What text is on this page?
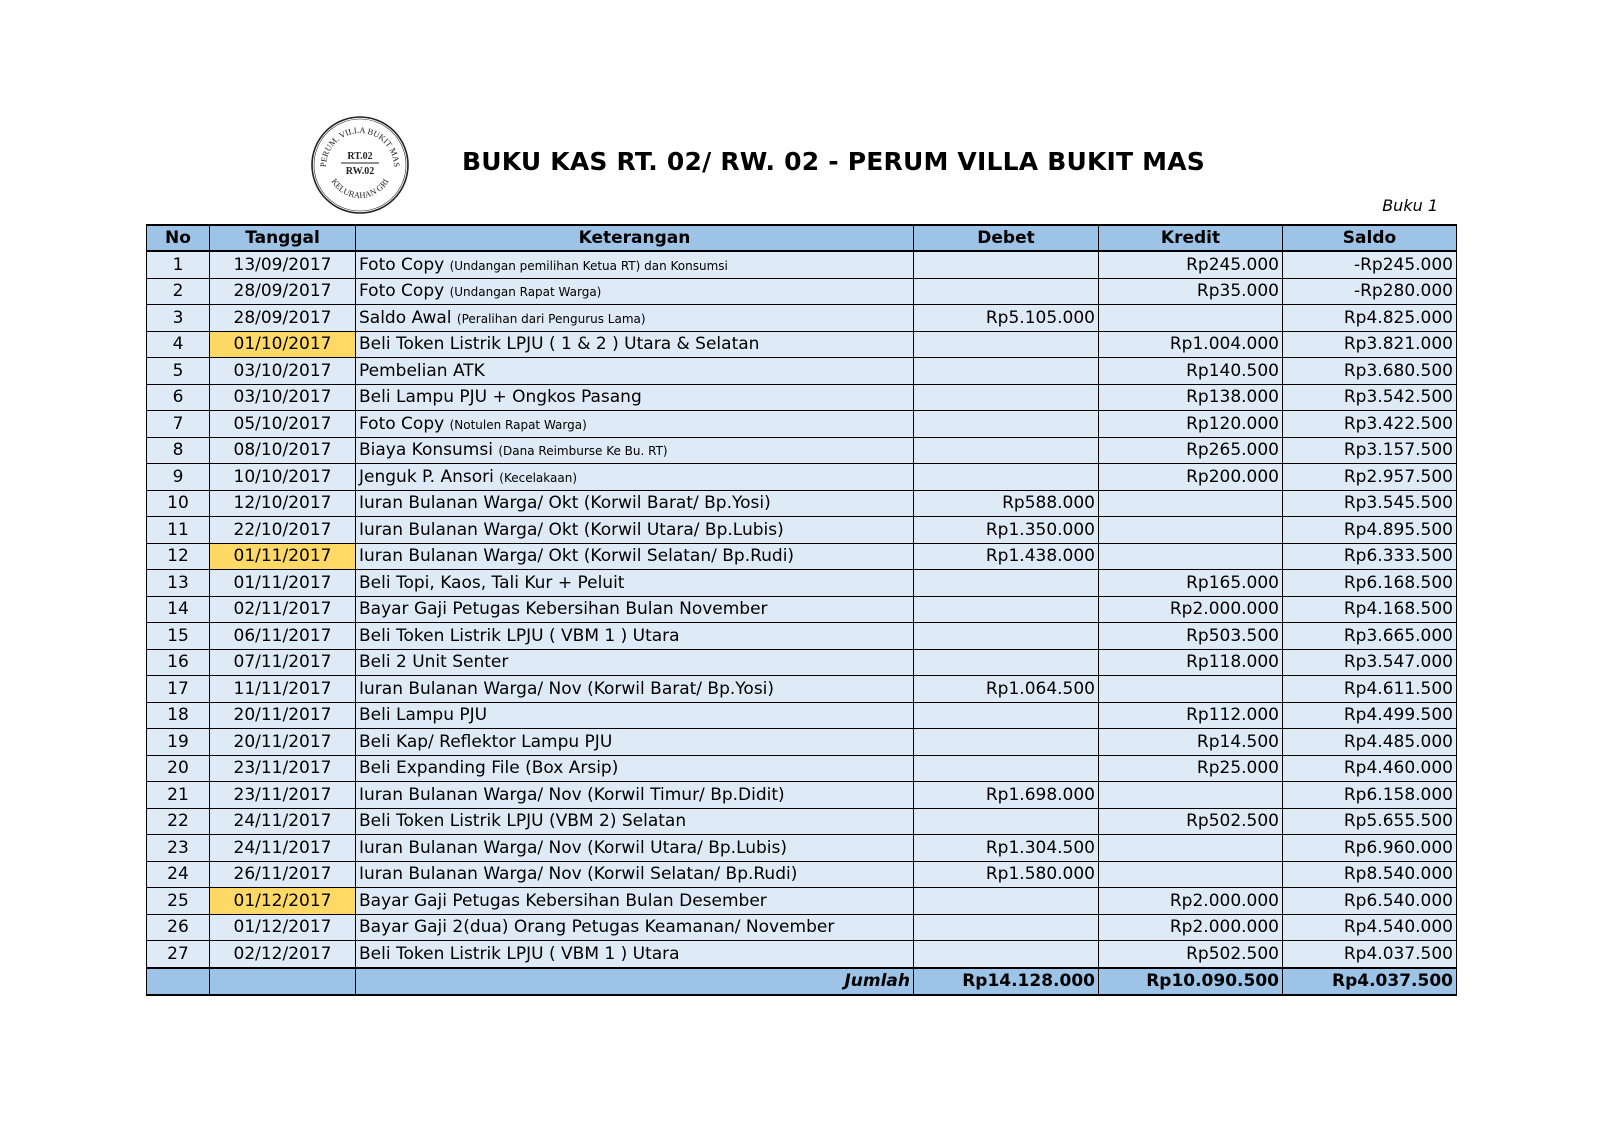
PERUM. VILLA BUKIT MAS
KELURAHAN GRI
RT.02
RW.02	BUKU KAS RT. 02/ RW. 02 - PERUM VILLA BUKIT MAS
Buku 1
No	Tanggal	Keterangan	Debet	Kredit	Saldo
1	13/09/2017	Foto Copy (Undangan pemilihan Ketua RT) dan Konsumsi		Rp245.000	-Rp245.000
2	28/09/2017	Foto Copy (Undangan Rapat Warga)		Rp35.000	-Rp280.000
3	28/09/2017	Saldo Awal (Peralihan dari Pengurus Lama)	Rp5.105.000		Rp4.825.000
4	01/10/2017	Beli Token Listrik LPJU ( 1 & 2 ) Utara & Selatan		Rp1.004.000	Rp3.821.000
5	03/10/2017	Pembelian ATK		Rp140.500	Rp3.680.500
6	03/10/2017	Beli Lampu PJU + Ongkos Pasang		Rp138.000	Rp3.542.500
7	05/10/2017	Foto Copy (Notulen Rapat Warga)		Rp120.000	Rp3.422.500
8	08/10/2017	Biaya Konsumsi (Dana Reimburse Ke Bu. RT)		Rp265.000	Rp3.157.500
9	10/10/2017	Jenguk P. Ansori (Kecelakaan)		Rp200.000	Rp2.957.500
10	12/10/2017	Iuran Bulanan Warga/ Okt (Korwil Barat/ Bp.Yosi)	Rp588.000		Rp3.545.500
11	22/10/2017	Iuran Bulanan Warga/ Okt (Korwil Utara/ Bp.Lubis)	Rp1.350.000		Rp4.895.500
12	01/11/2017	Iuran Bulanan Warga/ Okt (Korwil Selatan/ Bp.Rudi)	Rp1.438.000		Rp6.333.500
13	01/11/2017	Beli Topi, Kaos, Tali Kur + Peluit		Rp165.000	Rp6.168.500
14	02/11/2017	Bayar Gaji Petugas Kebersihan Bulan November		Rp2.000.000	Rp4.168.500
15	06/11/2017	Beli Token Listrik LPJU ( VBM 1 ) Utara		Rp503.500	Rp3.665.000
16	07/11/2017	Beli 2 Unit Senter		Rp118.000	Rp3.547.000
17	11/11/2017	Iuran Bulanan Warga/ Nov (Korwil Barat/ Bp.Yosi)	Rp1.064.500		Rp4.611.500
18	20/11/2017	Beli Lampu PJU		Rp112.000	Rp4.499.500
19	20/11/2017	Beli Kap/ Reflektor Lampu PJU		Rp14.500	Rp4.485.000
20	23/11/2017	Beli Expanding File (Box Arsip)		Rp25.000	Rp4.460.000
21	23/11/2017	Iuran Bulanan Warga/ Nov (Korwil Timur/ Bp.Didit)	Rp1.698.000		Rp6.158.000
22	24/11/2017	Beli Token Listrik LPJU (VBM 2) Selatan		Rp502.500	Rp5.655.500
23	24/11/2017	Iuran Bulanan Warga/ Nov (Korwil Utara/ Bp.Lubis)	Rp1.304.500		Rp6.960.000
24	26/11/2017	Iuran Bulanan Warga/ Nov (Korwil Selatan/ Bp.Rudi)	Rp1.580.000		Rp8.540.000
25	01/12/2017	Bayar Gaji Petugas Kebersihan Bulan Desember		Rp2.000.000	Rp6.540.000
26	01/12/2017	Bayar Gaji 2(dua) Orang Petugas Keamanan/ November		Rp2.000.000	Rp4.540.000
27	02/12/2017	Beli Token Listrik LPJU ( VBM 1 ) Utara		Rp502.500	Rp4.037.500
		Jumlah	Rp14.128.000	Rp10.090.500	Rp4.037.500
